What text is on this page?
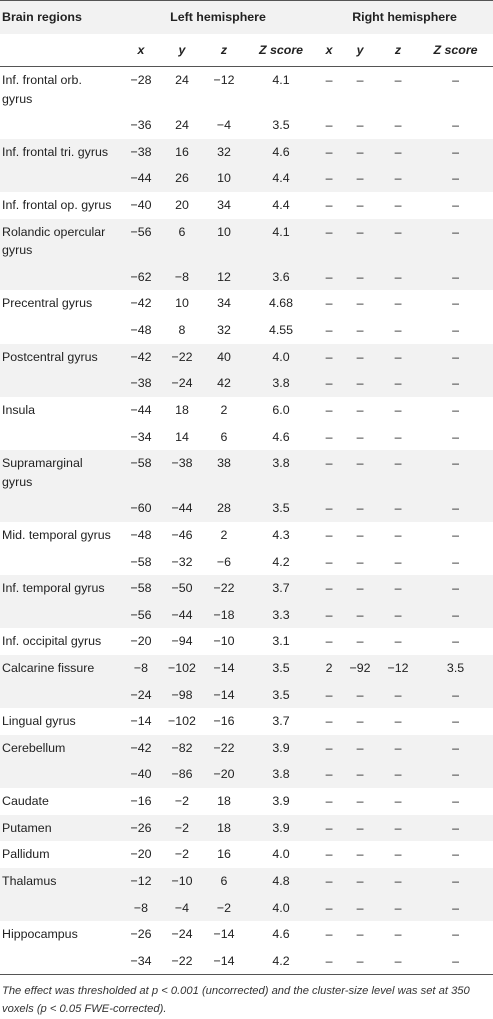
Brain regions	Left hemisphere				Right hemisphere			
	x	y	z	Z score	x	y	z	Z score
Inf. frontal orb. gyrus	−28	24	−12	4.1	–	–	–	–
	−36	24	−4	3.5	–	–	–	–
Inf. frontal tri. gyrus	−38	16	32	4.6	–	–	–	–
	−44	26	10	4.4	–	–	–	–
Inf. frontal op. gyrus	−40	20	34	4.4	–	–	–	–
Rolandic opercular gyrus	−56	6	10	4.1	–	–	–	–
	−62	−8	12	3.6	–	–	–	–
Precentral gyrus	−42	10	34	4.68	–	–	–	–
	−48	8	32	4.55	–	–	–	–
Postcentral gyrus	−42	−22	40	4.0	–	–	–	–
	−38	−24	42	3.8	–	–	–	–
Insula	−44	18	2	6.0	–	–	–	–
	−34	14	6	4.6	–	–	–	–
Supramarginal gyrus	−58	−38	38	3.8	–	–	–	–
	−60	−44	28	3.5	–	–	–	–
Mid. temporal gyrus	−48	−46	2	4.3	–	–	–	–
	−58	−32	−6	4.2	–	–	–	–
Inf. temporal gyrus	−58	−50	−22	3.7	–	–	–	–
	−56	−44	−18	3.3	–	–	–	–
Inf. occipital gyrus	−20	−94	−10	3.1	–	–	–	–
Calcarine fissure	−8	−102	−14	3.5	2	−92	−12	3.5
	−24	−98	−14	3.5	–	–	–	–
Lingual gyrus	−14	−102	−16	3.7	–	–	–	–
Cerebellum	−42	−82	−22	3.9	–	–	–	–
	−40	−86	−20	3.8	–	–	–	–
Caudate	−16	−2	18	3.9	–	–	–	–
Putamen	−26	−2	18	3.9	–	–	–	–
Pallidum	−20	−2	16	4.0	–	–	–	–
Thalamus	−12	−10	6	4.8	–	–	–	–
	−8	−4	−2	4.0	–	–	–	–
Hippocampus	−26	−24	−14	4.6	–	–	–	–
	−34	−22	−14	4.2	–	–	–	–
The effect was thresholded at p < 0.001 (uncorrected) and the cluster-size level was set at 350 voxels (p < 0.05 FWE-corrected).
